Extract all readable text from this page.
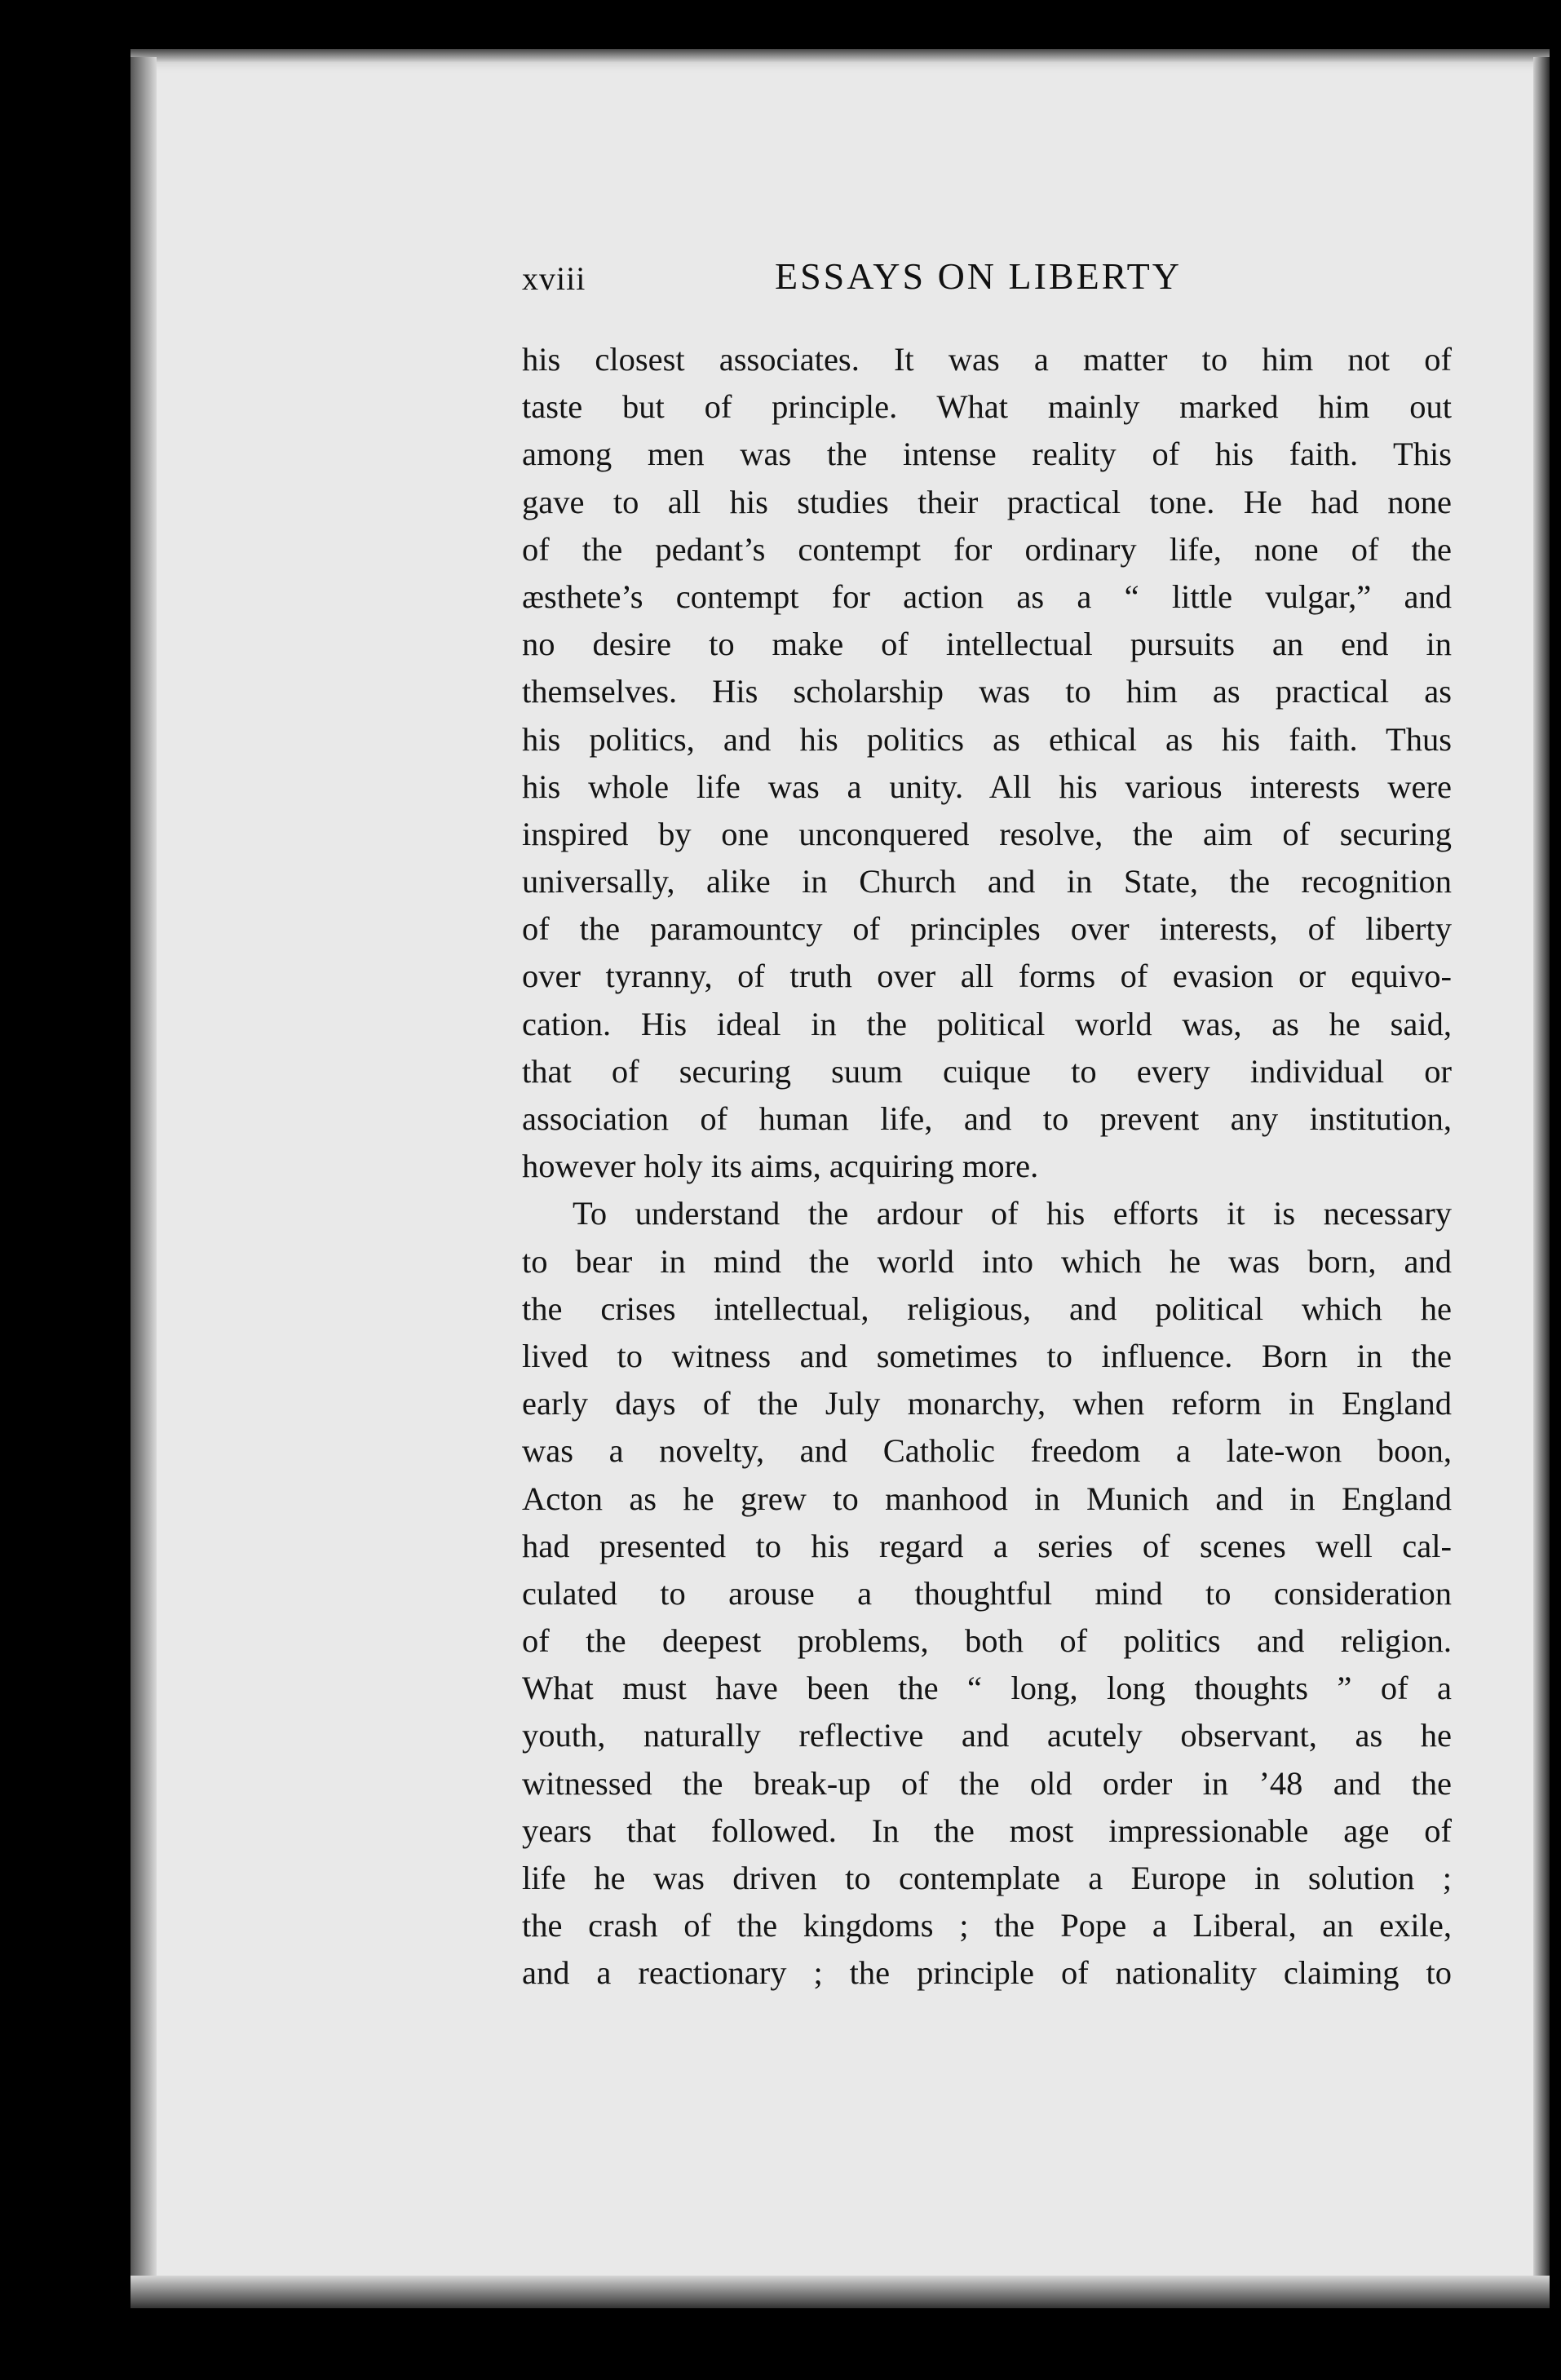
xviii	ESSAYS ON LIBERTY
his closest associates. It was a matter to him not of
taste but of principle. What mainly marked him out
among men was the intense reality of his faith. This
gave to all his studies their practical tone. He had none
of the pedant’s contempt for ordinary life, none of the
æsthete’s contempt for action as a “ little vulgar,” and
no desire to make of intellectual pursuits an end in
themselves. His scholarship was to him as practical as
his politics, and his politics as ethical as his faith. Thus
his whole life was a unity. All his various interests were
inspired by one unconquered resolve, the aim of securing
universally, alike in Church and in State, the recognition
of the paramountcy of principles over interests, of liberty
over tyranny, of truth over all forms of evasion or equivo-
cation. His ideal in the political world was, as he said,
that of securing suum cuique to every individual or
association of human life, and to prevent any institution,
however holy its aims, acquiring more.
To understand the ardour of his efforts it is necessary
to bear in mind the world into which he was born, and
the crises intellectual, religious, and political which he
lived to witness and sometimes to influence. Born in the
early days of the July monarchy, when reform in England
was a novelty, and Catholic freedom a late-won boon,
Acton as he grew to manhood in Munich and in England
had presented to his regard a series of scenes well cal-
culated to arouse a thoughtful mind to consideration
of the deepest problems, both of politics and religion.
What must have been the “ long, long thoughts ” of a
youth, naturally reflective and acutely observant, as he
witnessed the break-up of the old order in ’48 and the
years that followed. In the most impressionable age of
life he was driven to contemplate a Europe in solution ;
the crash of the kingdoms ; the Pope a Liberal, an exile,
and a reactionary ; the principle of nationality claiming to
